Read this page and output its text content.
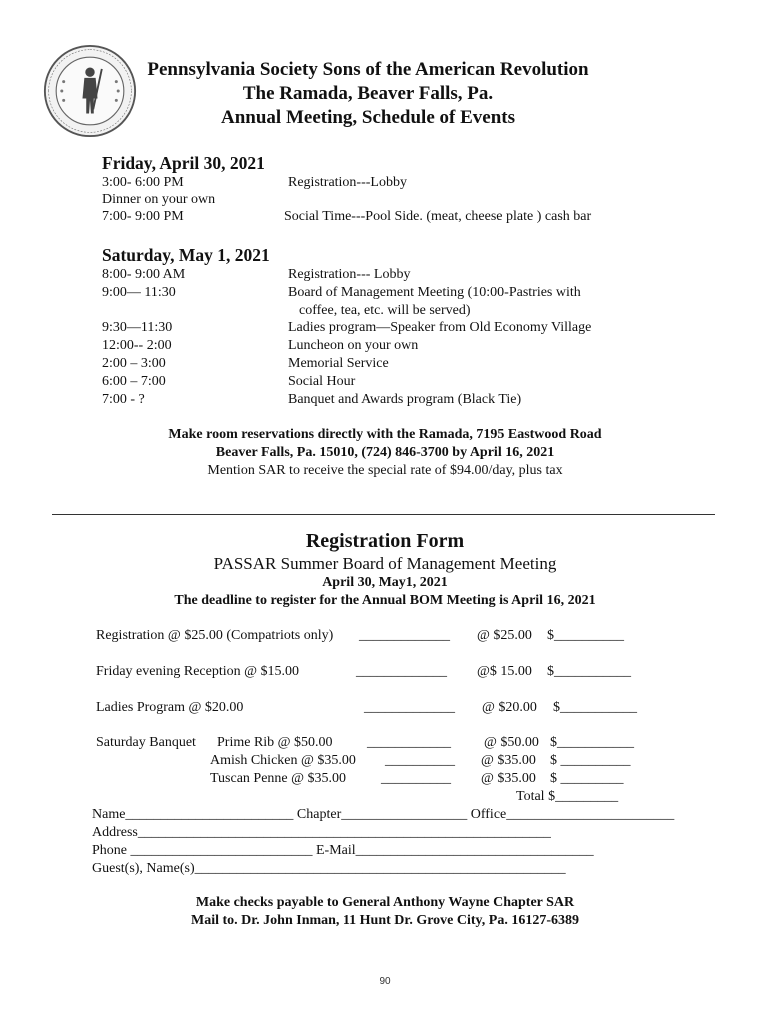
Pennsylvania Society Sons of the American Revolution
The Ramada, Beaver Falls, Pa.
Annual Meeting, Schedule of Events
Friday, April 30, 2021
3:00- 6:00 PM	Registration---Lobby
Dinner on your own
7:00- 9:00 PM	Social Time---Pool Side. (meat, cheese plate ) cash bar
Saturday, May 1, 2021
8:00- 9:00 AM	Registration--- Lobby
9:00— 11:30	Board of Management Meeting (10:00-Pastries with
coffee, tea, etc. will be served)
9:30—11:30	Ladies program—Speaker from Old Economy Village
12:00-- 2:00	Luncheon on your own
2:00 – 3:00	Memorial Service
6:00 – 7:00	Social Hour
7:00 - ?	Banquet and Awards program (Black Tie)
Make room reservations directly with the Ramada, 7195 Eastwood Road
Beaver Falls, Pa. 15010, (724) 846-3700 by April 16, 2021
Mention SAR to receive the special rate of $94.00/day, plus tax
Registration Form
PASSAR Summer Board of Management Meeting
April 30, May1, 2021
The deadline to register for the Annual BOM Meeting is April 16, 2021
Registration @ $25.00 (Compatriots only) _____________ @ $25.00 $__________
Friday evening Reception @ $15.00	_____________ @$ 15.00 $___________
Ladies Program @ $20.00	_____________ @ $20.00 $___________
Saturday Banquet Prime Rib @ $50.00 ____________ @ $50.00 $___________
Amish Chicken @ $35.00 __________ @ $35.00 $ __________
Tuscan Penne @ $35.00 __________ @ $35.00 $ _________
Total $_________
Name________________________ Chapter__________________ Office________________________
Address___________________________________________________________
Phone __________________________ E-Mail__________________________________
Guest(s), Name(s)_____________________________________________________
Make checks payable to General Anthony Wayne Chapter SAR
Mail to. Dr. John Inman, 11 Hunt Dr. Grove City, Pa. 16127-6389
90
